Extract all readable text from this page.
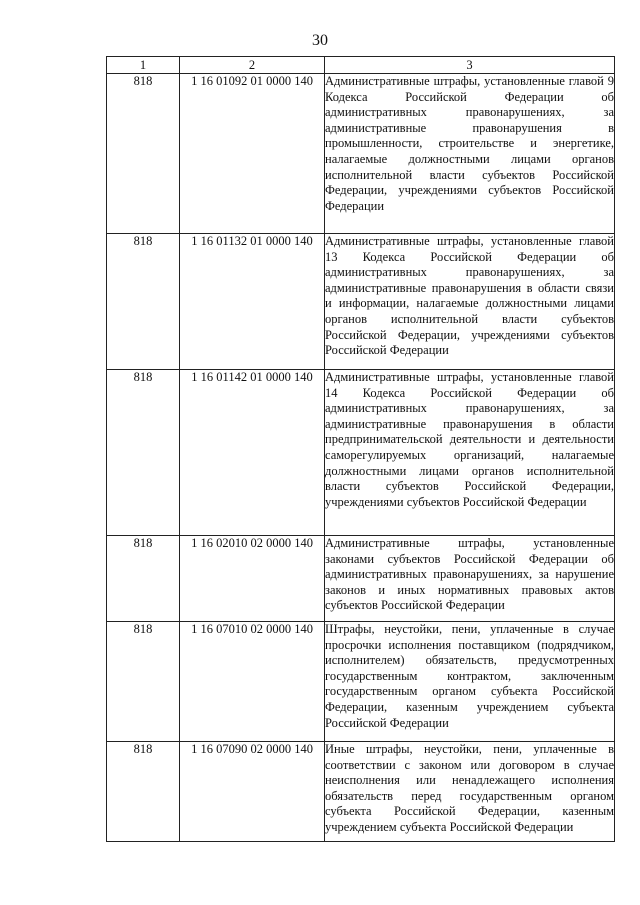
30
1	2	3
818	1 16 01092 01 0000 140	Административные штрафы, установленные главой 9 Кодекса Российской Федерации об административных правонарушениях, за административные правонарушения в промышленности, строительстве и энергетике, налагаемые должностными лицами органов исполнительной власти субъектов Российской Федерации, учреждениями субъектов Российской Федерации
818	1 16 01132 01 0000 140	Административные штрафы, установленные главой 13 Кодекса Российской Федерации об административных правонарушениях, за административные правонарушения в области связи и информации, налагаемые должностными лицами органов исполнительной власти субъектов Российской Федерации, учреждениями субъектов Российской Федерации
818	1 16 01142 01 0000 140	Административные штрафы, установленные главой 14 Кодекса Российской Федерации об административных правонарушениях, за административные правонарушения в области предпринимательской деятельности и деятельности саморегулируемых организаций, налагаемые должностными лицами органов исполнительной власти субъектов Российской Федерации, учреждениями субъектов Российской Федерации
818	1 16 02010 02 0000 140	Административные штрафы, установленные законами субъектов Российской Федерации об административных правонарушениях, за нарушение законов и иных нормативных правовых актов субъектов Российской Федерации
818	1 16 07010 02 0000 140	Штрафы, неустойки, пени, уплаченные в случае просрочки исполнения поставщиком (подрядчиком, исполнителем) обязательств, предусмотренных государственным контрактом, заключенным государственным органом субъекта Российской Федерации, казенным учреждением субъекта Российской Федерации
818	1 16 07090 02 0000 140	Иные штрафы, неустойки, пени, уплаченные в соответствии с законом или договором в случае неисполнения или ненадлежащего исполнения обязательств перед государственным органом субъекта Российской Федерации, казенным учреждением субъекта Российской Федерации
